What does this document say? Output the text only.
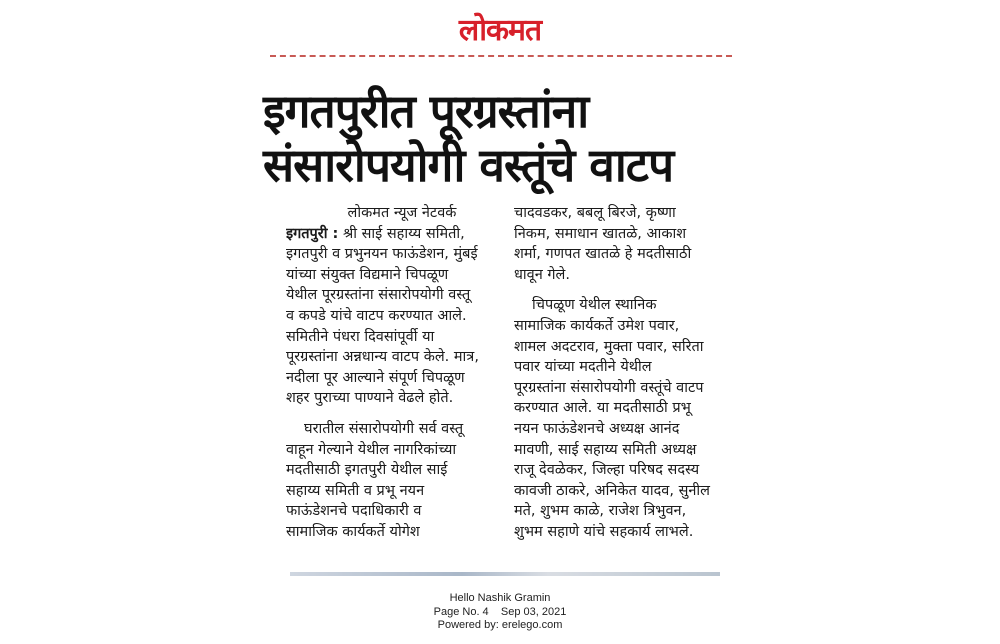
लोकमत
इगतपुरीत पूरग्रस्तांना
संसारोपयोगी वस्तूंचे वाटप
लोकमत न्यूज नेटवर्क
इगतपुरी : श्री साई सहाय्य समिती,
इगतपुरी व प्रभुनयन फाऊंडेशन, मुंबई
यांच्या संयुक्त विद्यमाने चिपळूण
येथील पूरग्रस्तांना संसारोपयोगी वस्तू
व कपडे यांचे वाटप करण्यात आले.
समितीने पंधरा दिवसांपूर्वी या
पूरग्रस्तांना अन्नधान्य वाटप केले. मात्र,
नदीला पूर आल्याने संपूर्ण चिपळूण
शहर पुराच्या पाण्याने वेढले होते.
घरातील संसारोपयोगी सर्व वस्तू
वाहून गेल्याने येथील नागरिकांच्या
मदतीसाठी इगतपुरी येथील साई
सहाय्य समिती व प्रभू नयन
फाऊंडेशनचे पदाधिकारी व
सामाजिक कार्यकर्ते योगेश
चादवडकर, बबलू बिरजे, कृष्णा
निकम, समाधान खातळे, आकाश
शर्मा, गणपत खातळे हे मदतीसाठी
धावून गेले.
चिपळूण येथील स्थानिक
सामाजिक कार्यकर्ते उमेश पवार,
शामल अदटराव, मुक्ता पवार, सरिता
पवार यांच्या मदतीने येथील
पूरग्रस्तांना संसारोपयोगी वस्तूंचे वाटप
करण्यात आले. या मदतीसाठी प्रभू
नयन फाऊंडेशनचे अध्यक्ष आनंद
मावणी, साई सहाय्य समिती अध्यक्ष
राजू देवळेकर, जिल्हा परिषद सदस्य
कावजी ठाकरे, अनिकेत यादव, सुनील
मते, शुभम काळे, राजेश त्रिभुवन,
शुभम सहाणे यांचे सहकार्य लाभले.
Hello Nashik Gramin
Page No. 4    Sep 03, 2021
Powered by: erelego.com
